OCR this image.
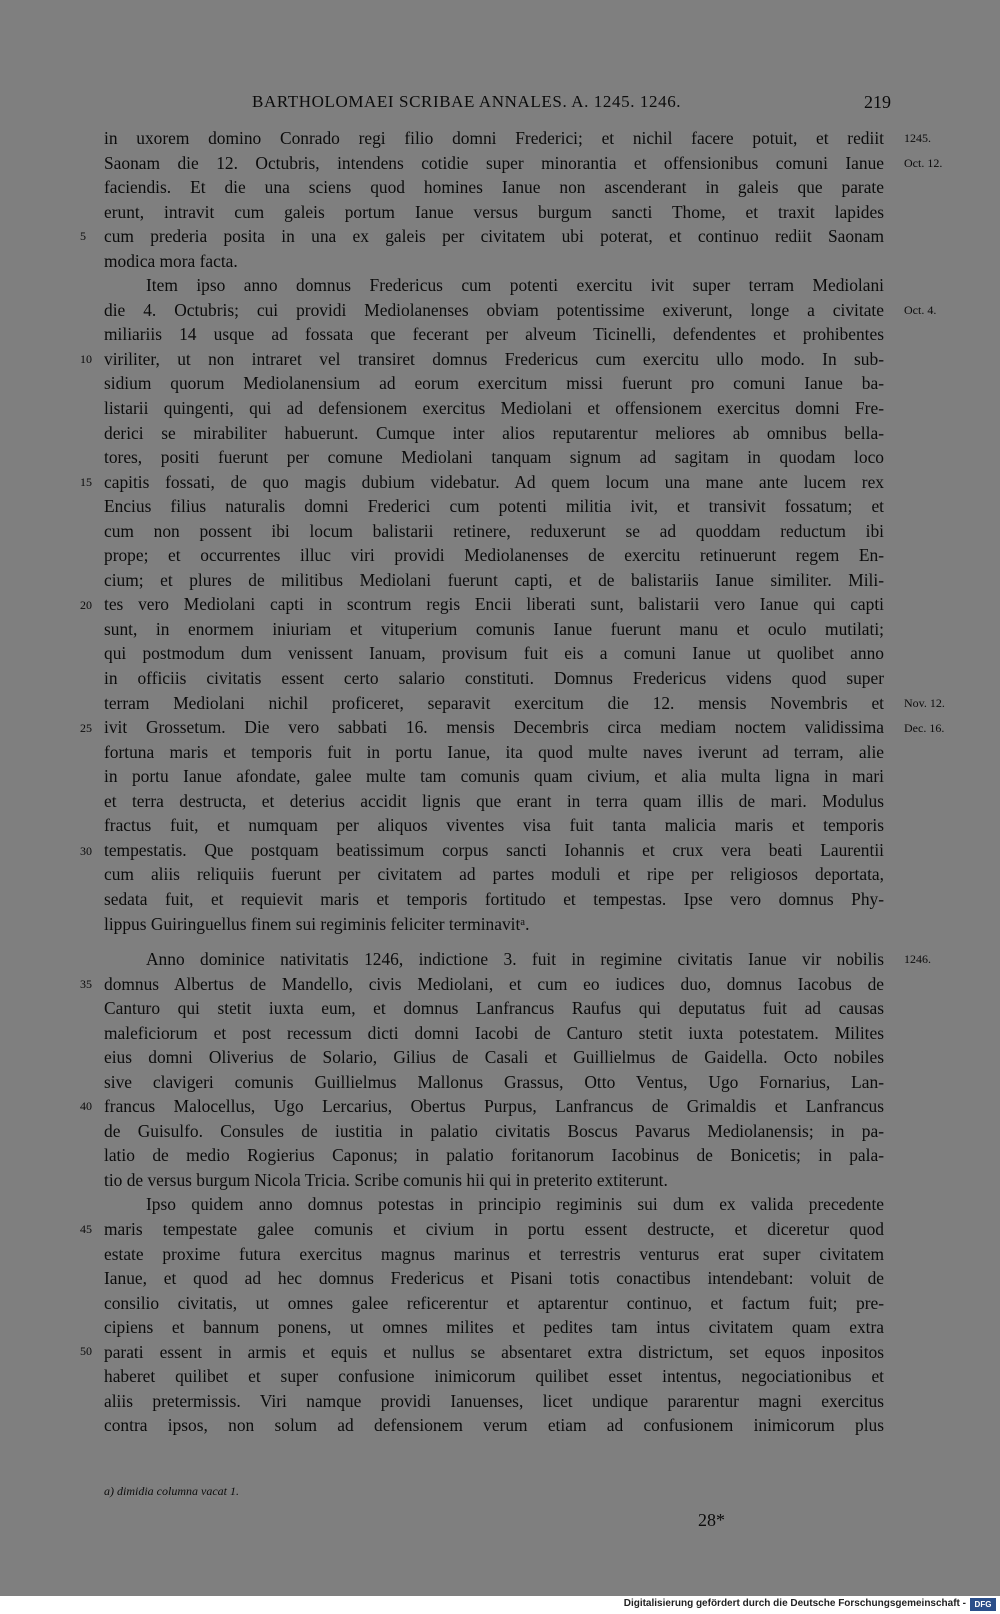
BARTHOLOMAEI SCRIBAE ANNALES. A. 1245. 1246.	219
in uxorem domino Conrado regi filio domni Frederici; et nichil facere potuit, et rediit
Saonam die 12. Octubris, intendens cotidie super minorantia et offensionibus comuni Ianue
faciendis. Et die una sciens quod homines Ianue non ascenderant in galeis que parate
erunt, intravit cum galeis portum Ianue versus burgum sancti Thome, et traxit lapides
cum prederia posita in una ex galeis per civitatem ubi poterat, et continuo rediit Saonam
modica mora facta.
Item ipso anno domnus Fredericus cum potenti exercitu ivit super terram Mediolani
die 4. Octubris; cui providi Mediolanenses obviam potentissime exiverunt, longe a civitate
miliariis 14 usque ad fossata que fecerant per alveum Ticinelli, defendentes et prohibentes
viriliter, ut non intraret vel transiret domnus Fredericus cum exercitu ullo modo. In sub-
sidium quorum Mediolanensium ad eorum exercitum missi fuerunt pro comuni Ianue ba-
listarii quingenti, qui ad defensionem exercitus Mediolani et offensionem exercitus domni Fre-
derici se mirabiliter habuerunt. Cumque inter alios reputarentur meliores ab omnibus bella-
tores, positi fuerunt per comune Mediolani tanquam signum ad sagitam in quodam loco
capitis fossati, de quo magis dubium videbatur. Ad quem locum una mane ante lucem rex
Encius filius naturalis domni Frederici cum potenti militia ivit, et transivit fossatum; et
cum non possent ibi locum balistarii retinere, reduxerunt se ad quoddam reductum ibi
prope; et occurrentes illuc viri providi Mediolanenses de exercitu retinuerunt regem En-
cium; et plures de militibus Mediolani fuerunt capti, et de balistariis Ianue similiter. Mili-
tes vero Mediolani capti in scontrum regis Encii liberati sunt, balistarii vero Ianue qui capti
sunt, in enormem iniuriam et vituperium comunis Ianue fuerunt manu et oculo mutilati;
qui postmodum dum venissent Ianuam, provisum fuit eis a comuni Ianue ut quolibet anno
in officiis civitatis essent certo salario constituti. Domnus Fredericus videns quod super
terram Mediolani nichil proficeret, separavit exercitum die 12. mensis Novembris et
ivit Grossetum. Die vero sabbati 16. mensis Decembris circa mediam noctem validissima
fortuna maris et temporis fuit in portu Ianue, ita quod multe naves iverunt ad terram, alie
in portu Ianue afondate, galee multe tam comunis quam civium, et alia multa ligna in mari
et terra destructa, et deterius accidit lignis que erant in terra quam illis de mari. Modulus
fractus fuit, et numquam per aliquos viventes visa fuit tanta malicia maris et temporis
tempestatis. Que postquam beatissimum corpus sancti Iohannis et crux vera beati Laurentii
cum aliis reliquiis fuerunt per civitatem ad partes moduli et ripe per religiosos deportata,
sedata fuit, et requievit maris et temporis fortitudo et tempestas. Ipse vero domnus Phy-
lippus Guiringuellus finem sui regiminis feliciter terminavitᵃ.
Anno dominice nativitatis 1246, indictione 3. fuit in regimine civitatis Ianue vir nobilis
domnus Albertus de Mandello, civis Mediolani, et cum eo iudices duo, domnus Iacobus de
Canturo qui stetit iuxta eum, et domnus Lanfrancus Raufus qui deputatus fuit ad causas
maleficiorum et post recessum dicti domni Iacobi de Canturo stetit iuxta potestatem. Milites
eius domni Oliverius de Solario, Gilius de Casali et Guillielmus de Gaidella. Octo nobiles
sive clavigeri comunis Guillielmus Mallonus Grassus, Otto Ventus, Ugo Fornarius, Lan-
francus Malocellus, Ugo Lercarius, Obertus Purpus, Lanfrancus de Grimaldis et Lanfrancus
de Guisulfo. Consules de iustitia in palatio civitatis Boscus Pavarus Mediolanensis; in pa-
latio de medio Rogierius Caponus; in palatio foritanorum Iacobinus de Bonicetis; in pala-
tio de versus burgum Nicola Tricia. Scribe comunis hii qui in preterito extiterunt.
Ipso quidem anno domnus potestas in principio regiminis sui dum ex valida precedente
maris tempestate galee comunis et civium in portu essent destructe, et diceretur quod
estate proxime futura exercitus magnus marinus et terrestris venturus erat super civitatem
Ianue, et quod ad hec domnus Fredericus et Pisani totis conactibus intendebant: voluit de
consilio civitatis, ut omnes galee reficerentur et aptarentur continuo, et factum fuit; pre-
cipiens et bannum ponens, ut omnes milites et pedites tam intus civitatem quam extra
parati essent in armis et equis et nullus se absentaret extra districtum, set equos inpositos
haberet quilibet et super confusione inimicorum quilibet esset intentus, negociationibus et
aliis pretermissis. Viri namque providi Ianuenses, licet undique pararentur magni exercitus
contra ipsos, non solum ad defensionem verum etiam ad confusionem inimicorum plus
5
10
15
20
25
30
35
40
45
50
1245.
Oct. 12.
Oct. 4.
Nov. 12.
Dec. 16.
1246.
a) dimidia columna vacat 1.
28*
Digitalisierung gefördert durch die Deutsche Forschungsgemeinschaft -	DFG
